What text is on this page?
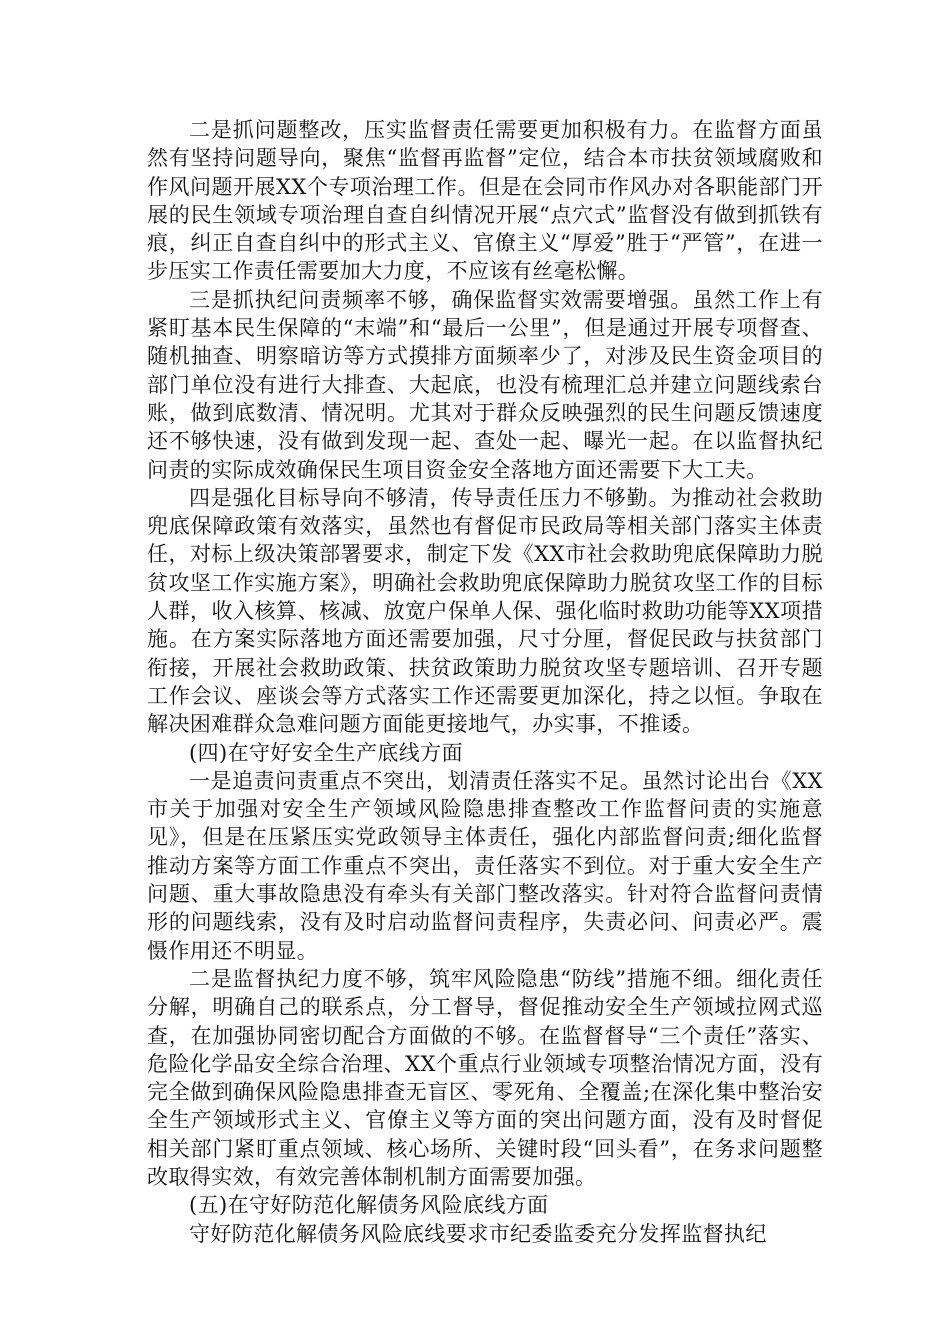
二是抓问题整改，压实监督责任需要更加积极有力。在监督方面虽然有坚持问题导向，聚焦“监督再监督”定位，结合本市扶贫领域腐败和作风问题开展XX个专项治理工作。但是在会同市作风办对各职能部门开展的民生领域专项治理自查自纠情况开展“点穴式”监督没有做到抓铁有痕，纠正自查自纠中的形式主义、官僚主义“厚爱”胜于“严管”，在进一步压实工作责任需要加大力度，不应该有丝毫松懈。

三是抓执纪问责频率不够，确保监督实效需要增强。虽然工作上有紧盯基本民生保障的“末端”和“最后一公里”，但是通过开展专项督查、随机抽查、明察暗访等方式摸排方面频率少了，对涉及民生资金项目的部门单位没有进行大排查、大起底，也没有梳理汇总并建立问题线索台账，做到底数清、情况明。尤其对于群众反映强烈的民生问题反馈速度还不够快速，没有做到发现一起、查处一起、曝光一起。在以监督执纪问责的实际成效确保民生项目资金安全落地方面还需要下大工夫。

四是强化目标导向不够清，传导责任压力不够勤。为推动社会救助兜底保障政策有效落实，虽然也有督促市民政局等相关部门落实主体责任，对标上级决策部署要求，制定下发《XX市社会救助兜底保障助力脱贫攻坚工作实施方案》，明确社会救助兜底保障助力脱贫攻坚工作的目标人群，收入核算、核减、放宽户保单人保、强化临时救助功能等XX项措施。在方案实际落地方面还需要加强，尺寸分厘，督促民政与扶贫部门衔接，开展社会救助政策、扶贫政策助力脱贫攻坚专题培训、召开专题工作会议、座谈会等方式落实工作还需要更加深化，持之以恒。争取在解决困难群众急难问题方面能更接地气，办实事，不推诿。

(四)在守好安全生产底线方面

一是追责问责重点不突出，划清责任落实不足。虽然讨论出台《XX市关于加强对安全生产领域风险隐患排查整改工作监督问责的实施意见》，但是在压紧压实党政领导主体责任，强化内部监督问责;细化监督推动方案等方面工作重点不突出，责任落实不到位。对于重大安全生产问题、重大事故隐患没有牵头有关部门整改落实。针对符合监督问责情形的问题线索，没有及时启动监督问责程序，失责必问、问责必严。震慑作用还不明显。

二是监督执纪力度不够，筑牢风险隐患“防线”措施不细。细化责任分解，明确自己的联系点，分工督导，督促推动安全生产领域拉网式巡查，在加强协同密切配合方面做的不够。在监督督导“三个责任”落实、危险化学品安全综合治理、XX个重点行业领域专项整治情况方面，没有完全做到确保风险隐患排查无盲区、零死角、全覆盖;在深化集中整治安全生产领域形式主义、官僚主义等方面的突出问题方面，没有及时督促相关部门紧盯重点领域、核心场所、关键时段“回头看”，在务求问题整改取得实效，有效完善体制机制方面需要加强。

(五)在守好防范化解债务风险底线方面

守好防范化解债务风险底线要求市纪委监委充分发挥监督执纪
